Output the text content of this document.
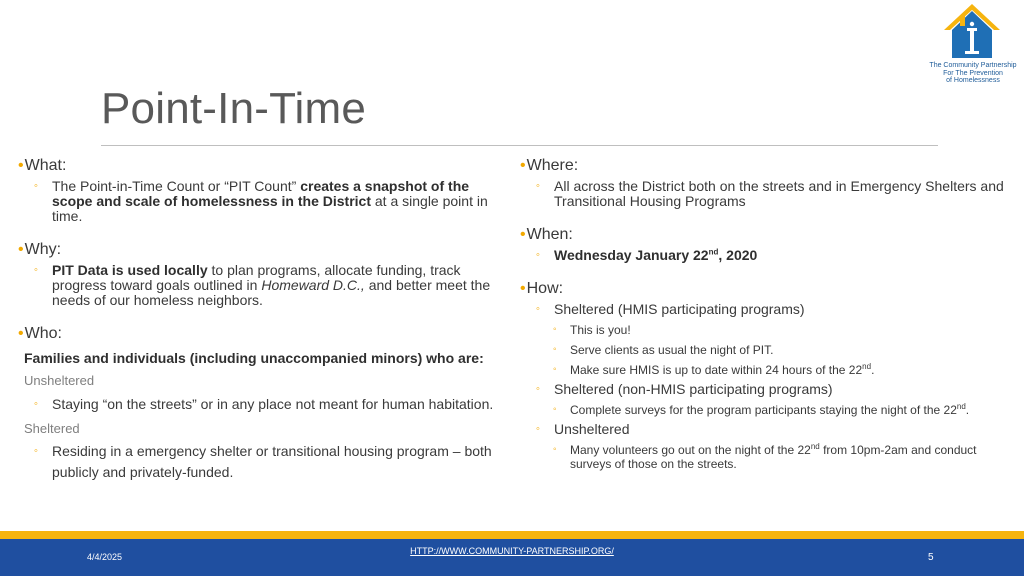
Point-In-Time
The Community Partnership
For The Prevention
of Homelessness

•What:

◦ The Point-in-Time Count or “PIT Count” creates a snapshot of the scope and scale of homelessness in the District at a single point in time.

•Why:

◦ PIT Data is used locally to plan programs, allocate funding, track progress toward goals outlined in Homeward D.C., and better meet the needs of our homeless neighbors.

•Who:

Families and individuals (including unaccompanied minors) who are:

Unsheltered

◦ Staying “on the streets” or in any place not meant for human habitation.

Sheltered

◦ Residing in a emergency shelter or transitional housing program – both publicly and privately-funded.

•Where:

◦ All across the District both on the streets and in Emergency Shelters and Transitional Housing Programs

•When:

◦ Wednesday January 22nd, 2020

•How:

◦ Sheltered (HMIS participating programs)

◦ This is you!

◦ Serve clients as usual the night of PIT.

◦ Make sure HMIS is up to date within 24 hours of the 22nd.

◦ Sheltered (non-HMIS participating programs)

◦ Complete surveys for the program participants staying the night of the 22nd.

◦ Unsheltered

◦ Many volunteers go out on the night of the 22nd from 10pm-2am and conduct surveys of those on the streets.

4/4/2025
HTTP://WWW.COMMUNITY-PARTNERSHIP.ORG/
5
